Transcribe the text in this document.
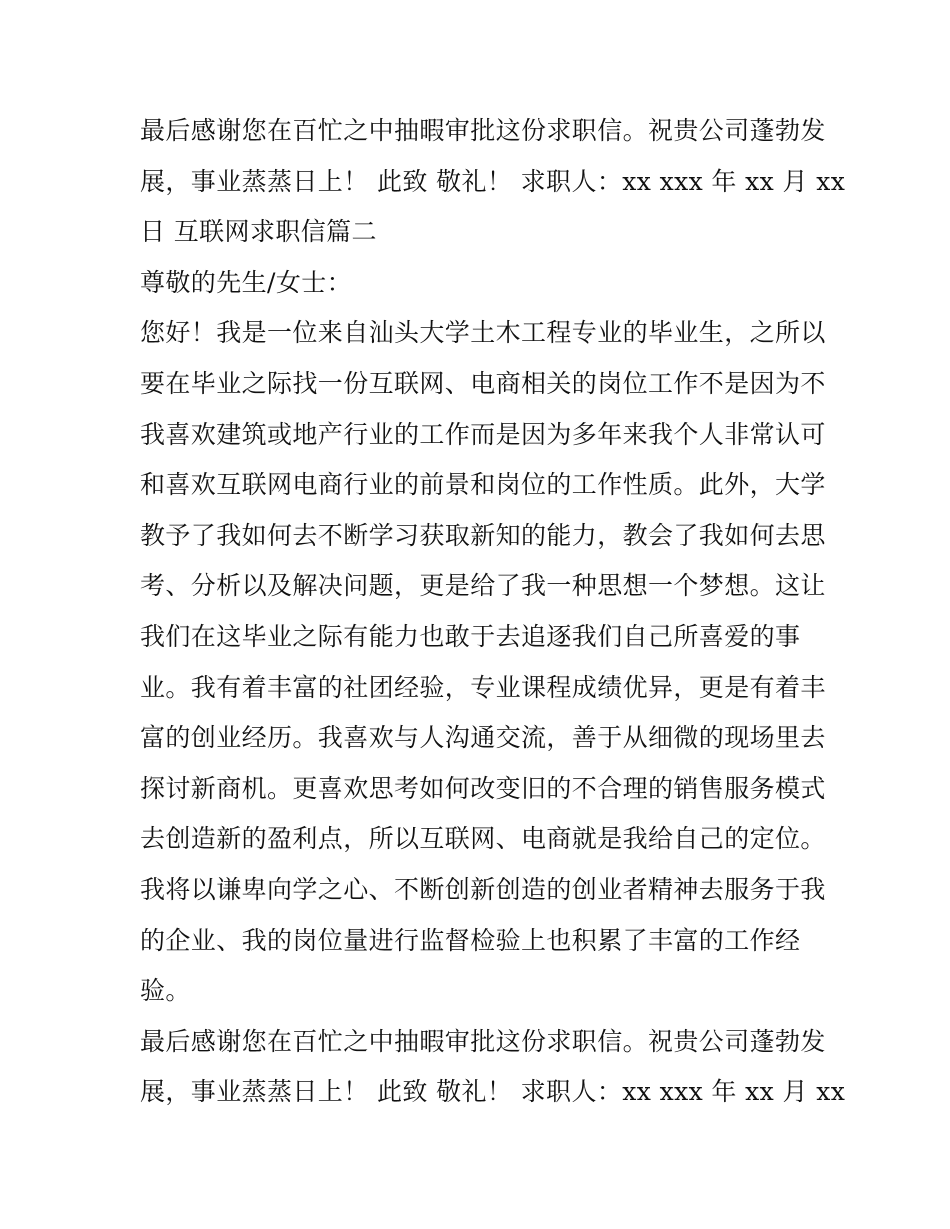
最后感谢您在百忙之中抽暇审批这份求职信。祝贵公司蓬勃发
展，事业蒸蒸日上！ 此致 敬礼！ 求职人：xx xxx 年 xx 月 xx
日 互联网求职信篇二
尊敬的先生/女士：
您好！我是一位来自汕头大学土木工程专业的毕业生，之所以
要在毕业之际找一份互联网、电商相关的岗位工作不是因为不
我喜欢建筑或地产行业的工作而是因为多年来我个人非常认可
和喜欢互联网电商行业的前景和岗位的工作性质。此外，大学
教予了我如何去不断学习获取新知的能力，教会了我如何去思
考、分析以及解决问题，更是给了我一种思想一个梦想。这让
我们在这毕业之际有能力也敢于去追逐我们自己所喜爱的事
业。我有着丰富的社团经验，专业课程成绩优异，更是有着丰
富的创业经历。我喜欢与人沟通交流，善于从细微的现场里去
探讨新商机。更喜欢思考如何改变旧的不合理的销售服务模式
去创造新的盈利点，所以互联网、电商就是我给自己的定位。
我将以谦卑向学之心、不断创新创造的创业者精神去服务于我
的企业、我的岗位量进行监督检验上也积累了丰富的工作经
验。
最后感谢您在百忙之中抽暇审批这份求职信。祝贵公司蓬勃发
展，事业蒸蒸日上！ 此致 敬礼！ 求职人：xx xxx 年 xx 月 xx
